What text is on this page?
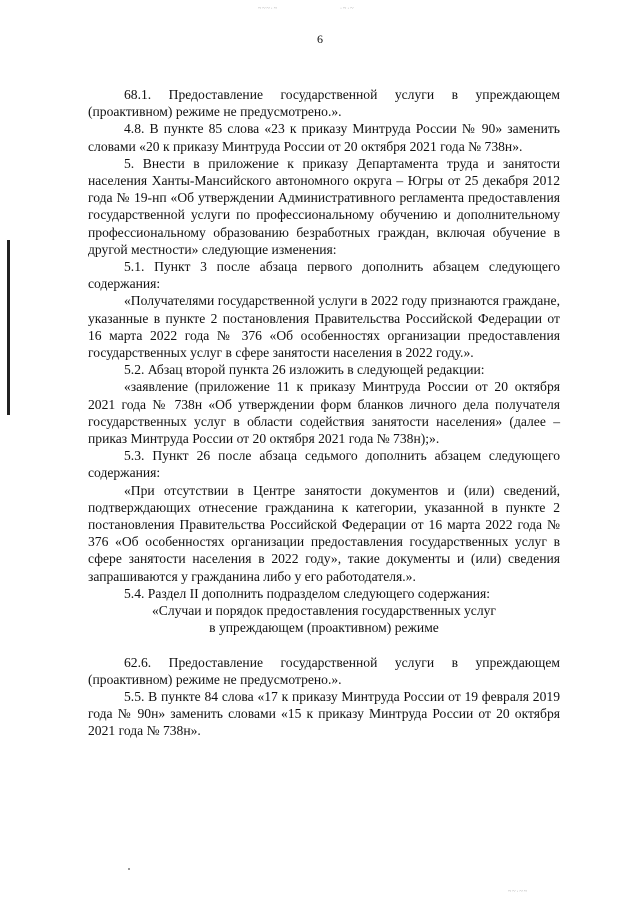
~~~·~	·~·~
6

68.1. Предоставление государственной услуги в упреждающем (проактивном) режиме не предусмотрено.».

4.8. В пункте 85 слова «23 к приказу Минтруда России № 90» заменить словами «20 к приказу Минтруда России от 20 октября 2021 года № 738н».

5. Внести в приложение к приказу Департамента труда и занятости населения Ханты-Мансийского автономного округа – Югры от 25 декабря 2012 года № 19-нп «Об утверждении Административного регламента предоставления государственной услуги по профессиональному обучению и дополнительному профессиональному образованию безработных граждан, включая обучение в другой местности» следующие изменения:

5.1. Пункт 3 после абзаца первого дополнить абзацем следующего содержания:

«Получателями государственной услуги в 2022 году признаются граждане, указанные в пункте 2 постановления Правительства Российской Федерации от 16 марта 2022 года № 376 «Об особенностях организации предоставления государственных услуг в сфере занятости населения в 2022 году.».

5.2. Абзац второй пункта 26 изложить в следующей редакции:

«заявление (приложение 11 к приказу Минтруда России от 20 октября 2021 года № 738н «Об утверждении форм бланков личного дела получателя государственных услуг в области содействия занятости населения» (далее – приказ Минтруда России от 20 октября 2021 года № 738н);».

5.3. Пункт 26 после абзаца седьмого дополнить абзацем следующего содержания:

«При отсутствии в Центре занятости документов и (или) сведений, подтверждающих отнесение гражданина к категории, указанной в пункте 2 постановления Правительства Российской Федерации от 16 марта 2022 года № 376 «Об особенностях организации предоставления государственных услуг в сфере занятости населения в 2022 году», такие документы и (или) сведения запрашиваются у гражданина либо у его работодателя.».

5.4. Раздел II дополнить подразделом следующего содержания:

«Случаи и порядок предоставления государственных услуг
в упреждающем (проактивном) режиме

62.6. Предоставление государственной услуги в упреждающем (проактивном) режиме не предусмотрено.».

5.5. В пункте 84 слова «17 к приказу Минтруда России от 19 февраля 2019 года № 90н» заменить словами «15 к приказу Минтруда России от 20 октября 2021 года № 738н».

~~·~~
